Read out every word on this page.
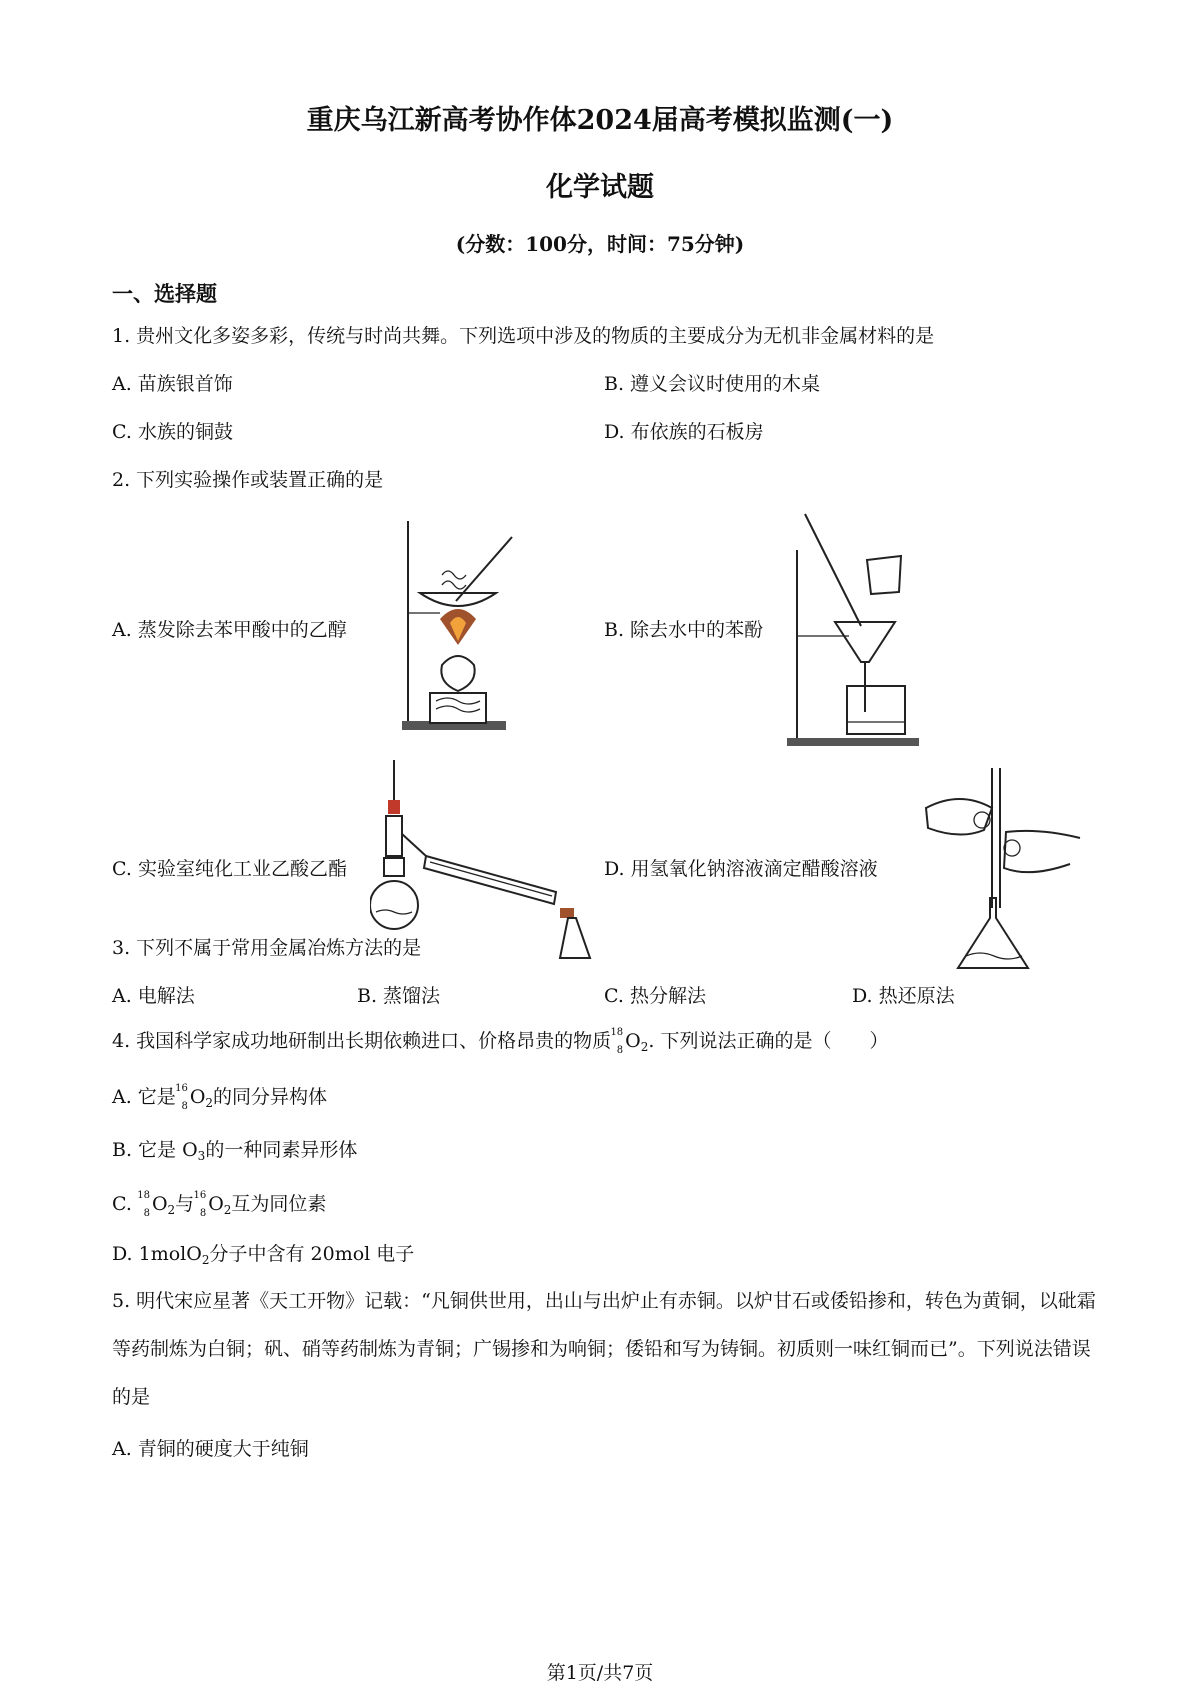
重庆乌江新高考协作体2024届高考模拟监测(一)
化学试题
(分数：100分，时间：75分钟)
一、选择题
1. 贵州文化多姿多彩，传统与时尚共舞。下列选项中涉及的物质的主要成分为无机非金属材料的是
A. 苗族银首饰	B. 遵义会议时使用的木桌
C. 水族的铜鼓	D. 布依族的石板房
2. 下列实验操作或装置正确的是
A. 蒸发除去苯甲酸中的乙醇	B. 除去水中的苯酚
C. 实验室纯化工业乙酸乙酯	D. 用氢氧化钠溶液滴定醋酸溶液
3. 下列不属于常用金属冶炼方法的是
A. 电解法	B. 蒸馏法	C. 热分解法	D. 热还原法
4. 我国科学家成功地研制出长期依赖进口、价格昂贵的物质 18
8 $O_2$. 下列说法正确的是（　　）
A. 它是 16
8 $O_2$的同分异构体
B. 它是 $O_3$的一种同素异形体
C. 18
8 $O_2$与 16
8 $O_2$互为同位素
D. 1molO$_2$分子中含有 20mol 电子
5. 明代宋应星著《天工开物》记载：“凡铜供世用，出山与出炉止有赤铜。以炉甘石或倭铅掺和，转色为黄铜，以砒霜等药制炼为白铜；矾、硝等药制炼为青铜；广锡掺和为响铜；倭铅和写为铸铜。初质则一味红铜而已”。下列说法错误的是
A. 青铜的硬度大于纯铜
第1页/共7页
